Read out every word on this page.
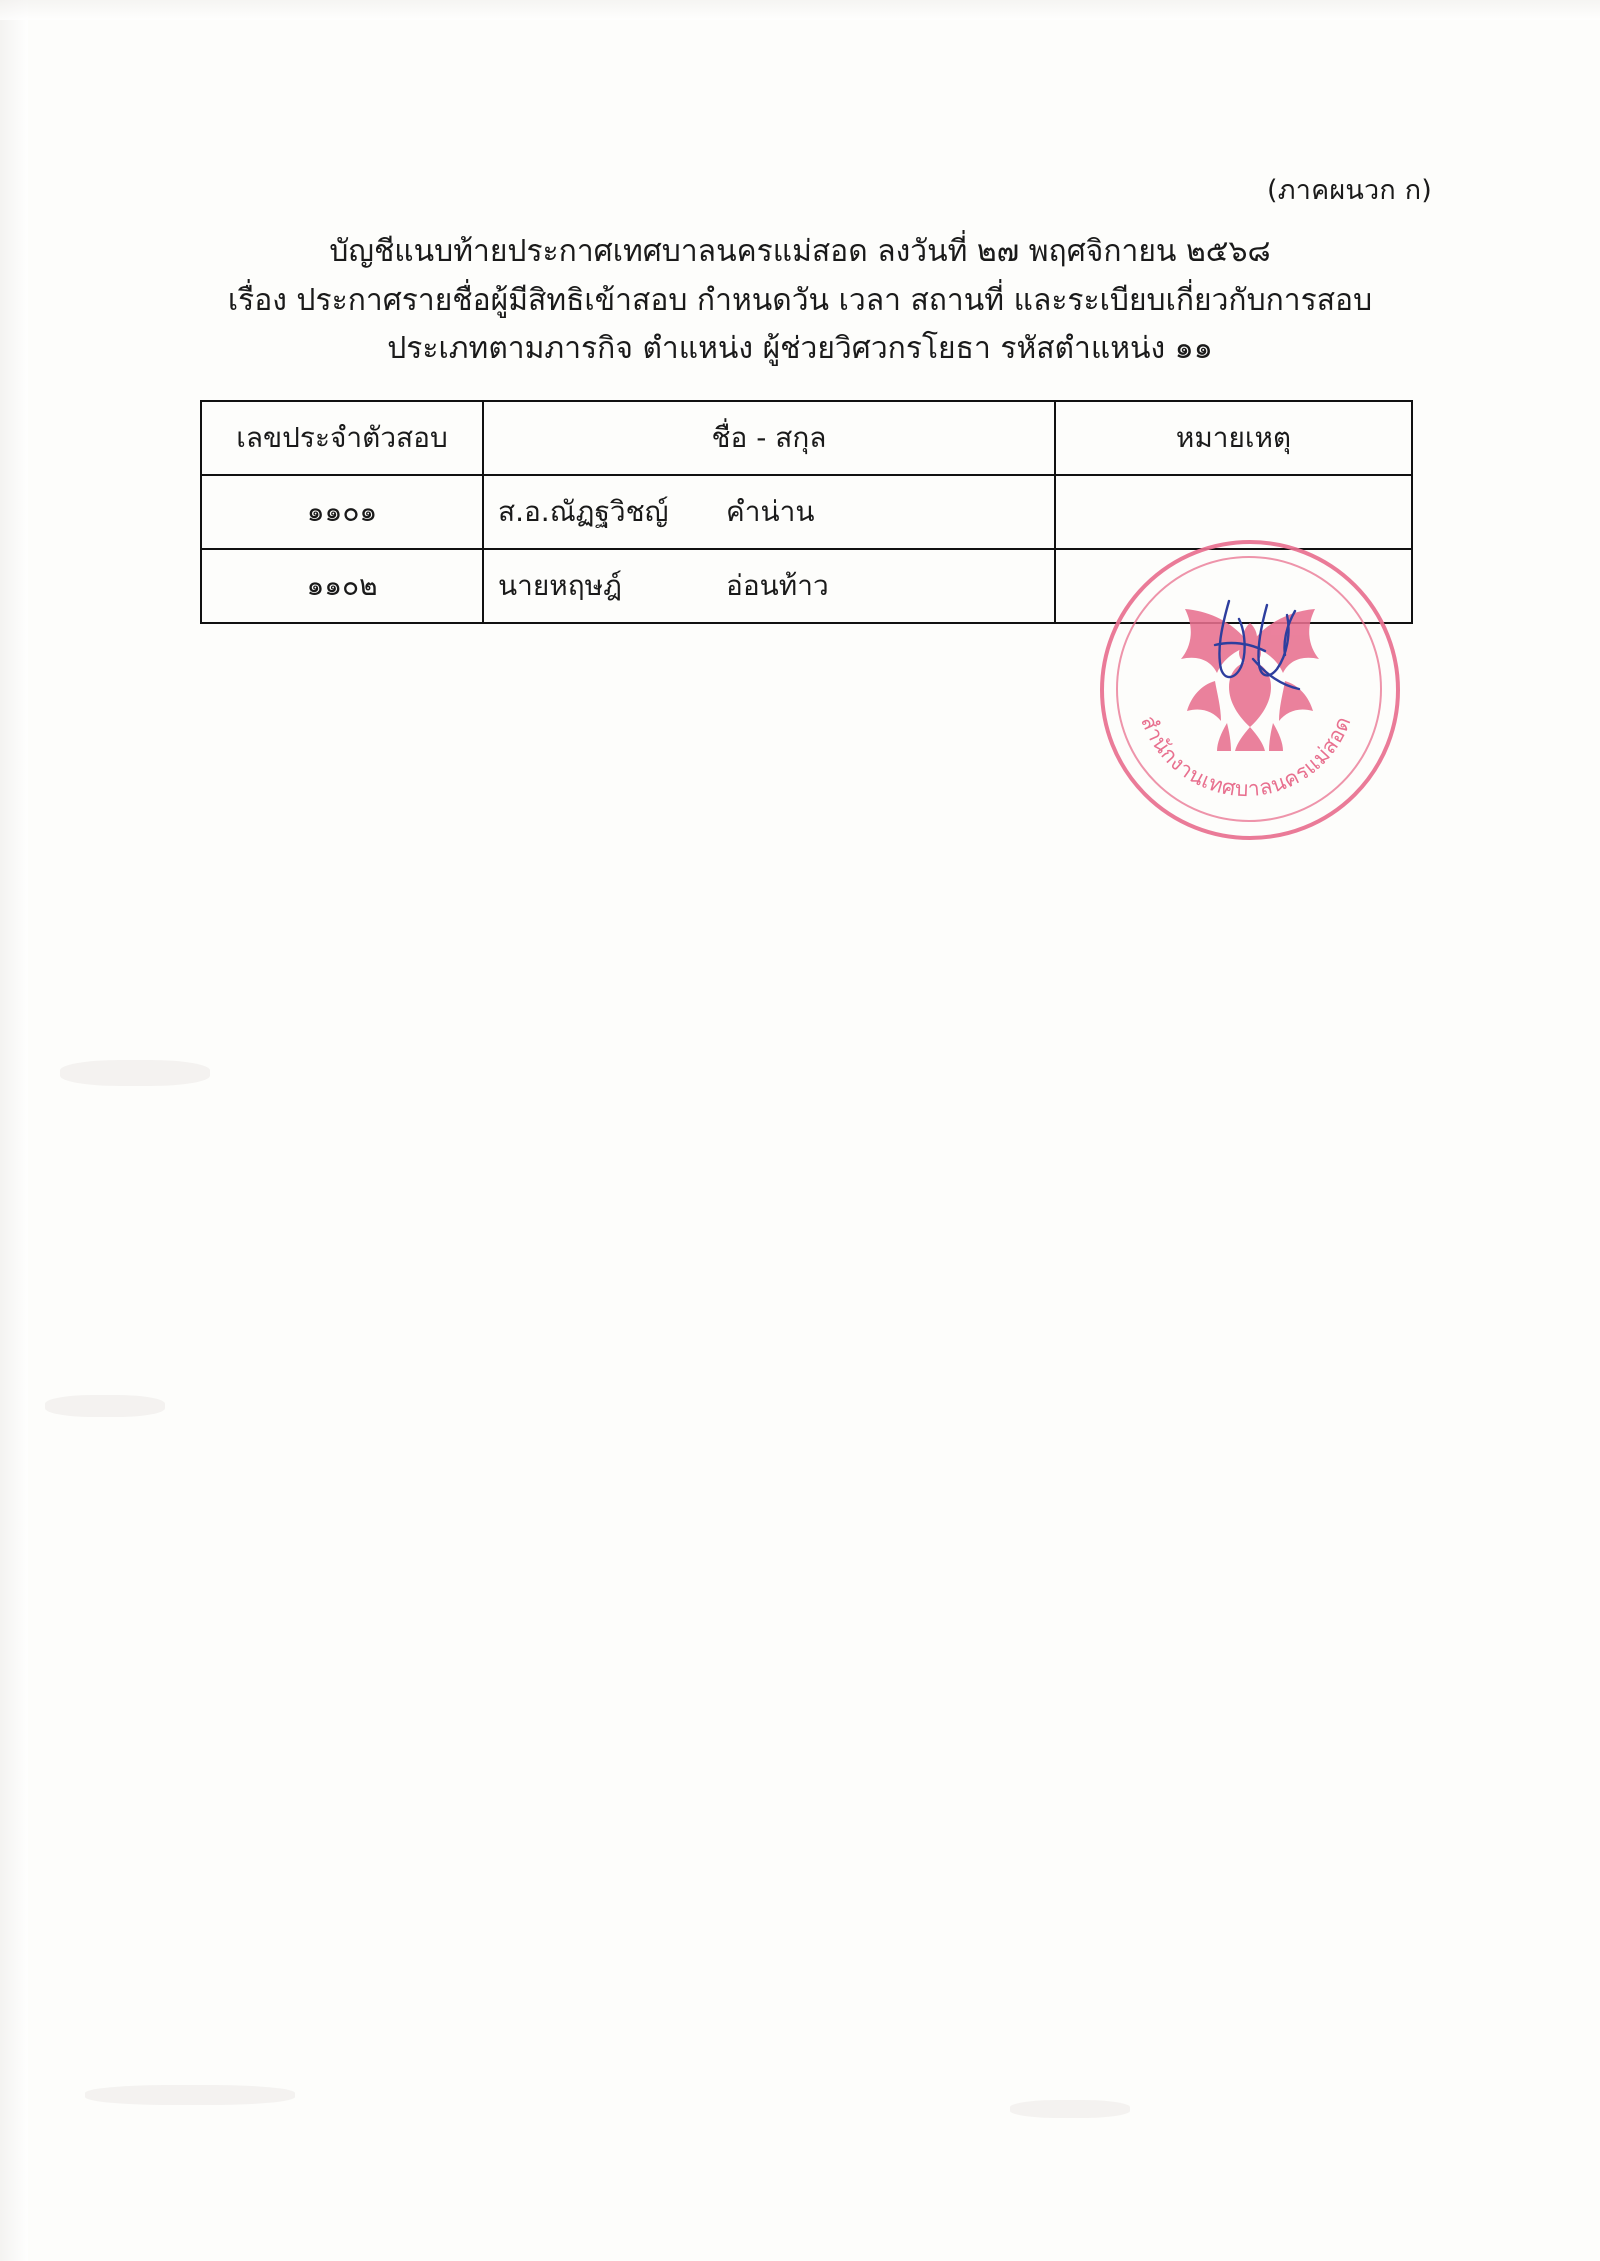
(ภาคผนวก ก)
บัญชีแนบท้ายประกาศเทศบาลนครแม่สอด ลงวันที่ ๒๗ พฤศจิกายน ๒๕๖๘
เรื่อง ประกาศรายชื่อผู้มีสิทธิเข้าสอบ กำหนดวัน เวลา สถานที่ และระเบียบเกี่ยวกับการสอบ
ประเภทตามภารกิจ ตำแหน่ง ผู้ช่วยวิศวกรโยธา รหัสตำแหน่ง ๑๑
เลขประจำตัวสอบ	ชื่อ - สกุล	หมายเหตุ
๑๑๐๑	ส.อ.ณัฏฐวิชญ์ คำน่าน	

๑๑๐๒	นายหฤษฎ์ อ่อนท้าว	

สำนักงานเทศบาลนครแม่สอด
